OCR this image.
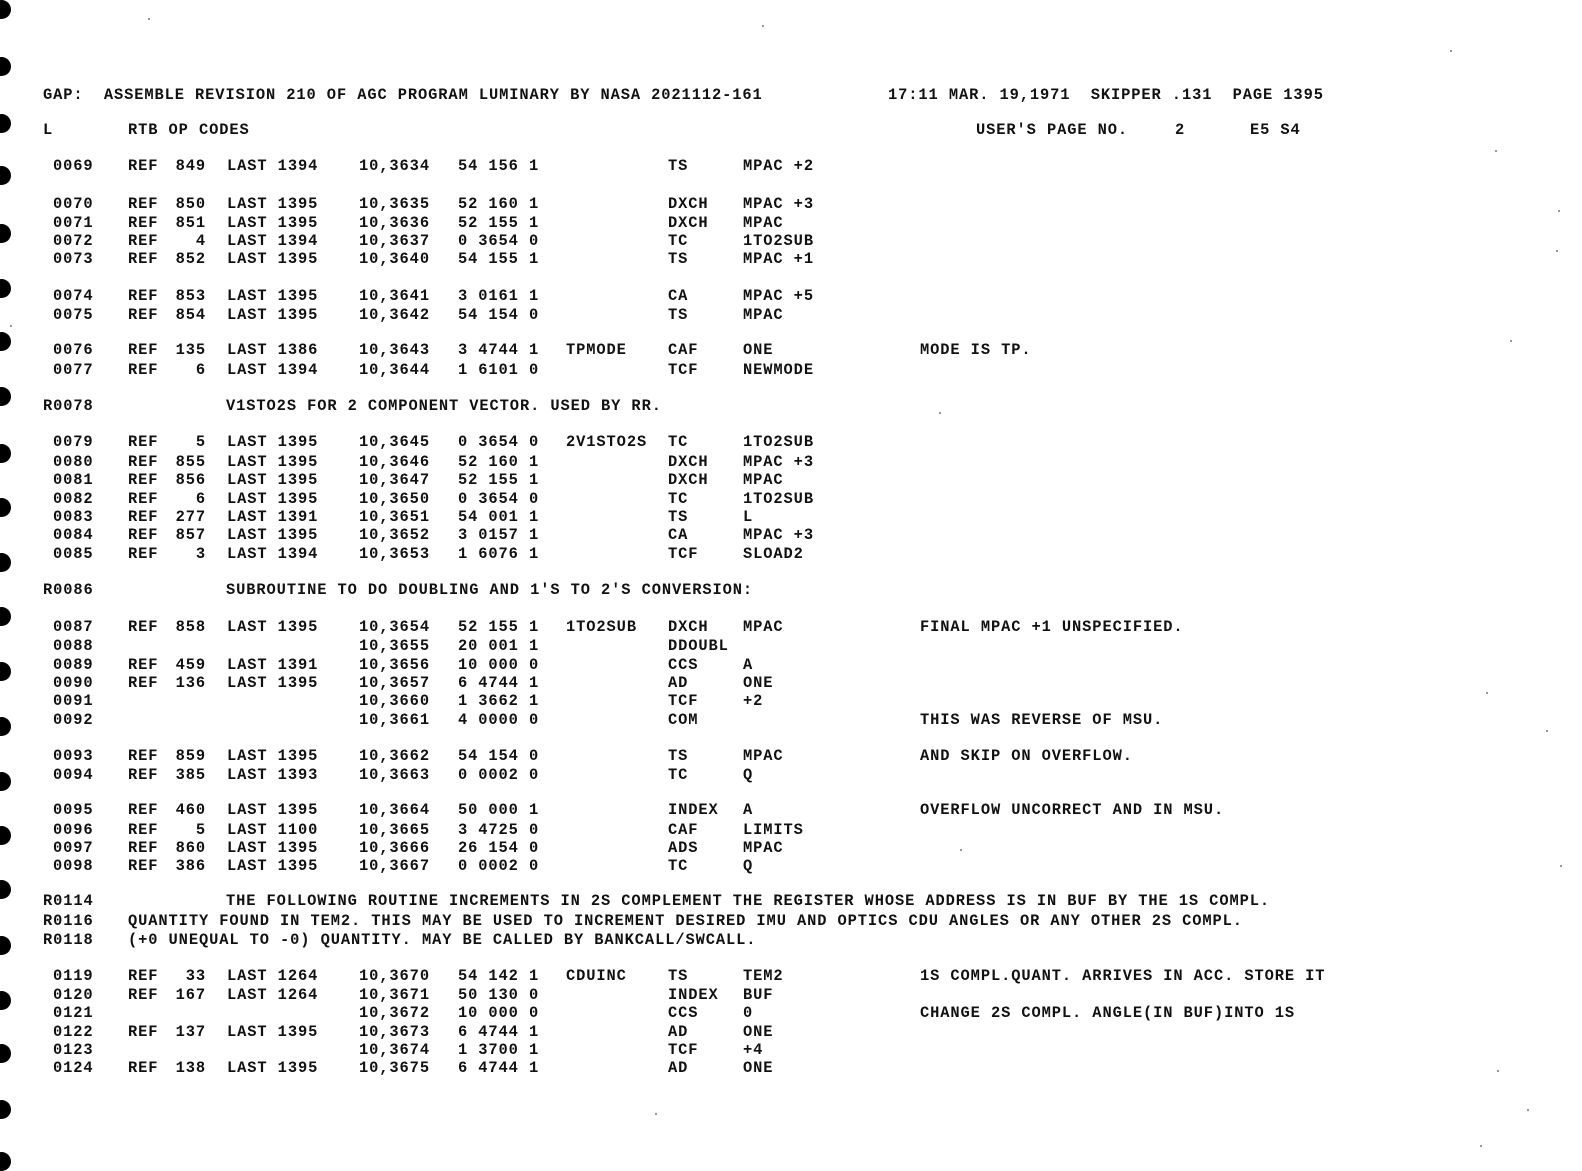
GAP:  ASSEMBLE REVISION 210 OF AGC PROGRAM LUMINARY BY NASA 2021112-161

	17:11 MAR. 19,1971  SKIPPER .131  PAGE 1395

L

	RTB OP CODES

	USER'S PAGE NO.

	2

	E5 S4

0069 REF	849 LAST 1394	10,3634 54 156 1	TS	MPAC +2
0070 REF	850 LAST 1395	10,3635 52 160 1	DXCH MPAC +3
0071 REF	851 LAST 1395	10,3636 52 155 1	DXCH MPAC
0072 REF	4 LAST 1394	10,3637 0 3654 0	TC	1TO2SUB
0073 REF	852 LAST 1395	10,3640 54 155 1	TS	MPAC +1
0074 REF	853 LAST 1395	10,3641 3 0161 1	CA	MPAC +5
0075 REF	854 LAST 1395	10,3642 54 154 0	TS	MPAC
0076 REF	135 LAST 1386	10,3643 3 4744 1 TPMODE	CAF	ONE	MODE IS TP.
0077 REF	6 LAST 1394	10,3644 1 6101 0	TCF	NEWMODE
R0078	V1STO2S FOR 2 COMPONENT VECTOR. USED BY RR.
0079 REF	5 LAST 1395	10,3645 0 3654 0 2V1STO2S TC	1TO2SUB
0080 REF	855 LAST 1395	10,3646 52 160 1	DXCH MPAC +3
0081 REF	856 LAST 1395	10,3647 52 155 1	DXCH MPAC
0082 REF	6 LAST 1395	10,3650 0 3654 0	TC	1TO2SUB
0083 REF	277 LAST 1391	10,3651 54 001 1	TS	L
0084 REF	857 LAST 1395	10,3652 3 0157 1	CA	MPAC +3
0085 REF	3 LAST 1394	10,3653 1 6076 1	TCF	SLOAD2
R0086	SUBROUTINE TO DO DOUBLING AND 1'S TO 2'S CONVERSION:
0087 REF	858 LAST 1395	10,3654 52 155 1 1TO2SUB DXCH MPAC	FINAL MPAC +1 UNSPECIFIED.
0088	10,3655 20 001 1	DDOUBL
0089 REF	459 LAST 1391	10,3656 10 000 0	CCS	A
0090 REF	136 LAST 1395	10,3657 6 4744 1	AD	ONE
0091	10,3660 1 3662 1	TCF	+2
0092	10,3661 4 0000 0	COM	THIS WAS REVERSE OF MSU.
0093 REF	859 LAST 1395	10,3662 54 154 0	TS	MPAC	AND SKIP ON OVERFLOW.
0094 REF	385 LAST 1393	10,3663 0 0002 0	TC	Q
0095 REF	460 LAST 1395	10,3664 50 000 1	INDEX A	OVERFLOW UNCORRECT AND IN MSU.
0096 REF	5 LAST 1100	10,3665 3 4725 0	CAF	LIMITS
0097 REF	860 LAST 1395	10,3666 26 154 0	ADS	MPAC
0098 REF	386 LAST 1395	10,3667 0 0002 0	TC	Q
R0114	THE FOLLOWING ROUTINE INCREMENTS IN 2S COMPLEMENT THE REGISTER WHOSE ADDRESS IS IN BUF BY THE 1S COMPL.
R0116 QUANTITY FOUND IN TEM2. THIS MAY BE USED TO INCREMENT DESIRED IMU AND OPTICS CDU ANGLES OR ANY OTHER 2S COMPL.
R0118 (+0 UNEQUAL TO -0) QUANTITY. MAY BE CALLED BY BANKCALL/SWCALL.
0119 REF	33 LAST 1264	10,3670 54 142 1 CDUINC	TS	TEM2	1S COMPL.QUANT. ARRIVES IN ACC. STORE IT
0120 REF	167 LAST 1264	10,3671 50 130 0	INDEX BUF
0121	10,3672 10 000 0	CCS	0	CHANGE 2S COMPL. ANGLE(IN BUF)INTO 1S
0122 REF	137 LAST 1395	10,3673 6 4744 1	AD	ONE
0123	10,3674 1 3700 1	TCF	+4
0124 REF	138 LAST 1395	10,3675 6 4744 1	AD	ONE
